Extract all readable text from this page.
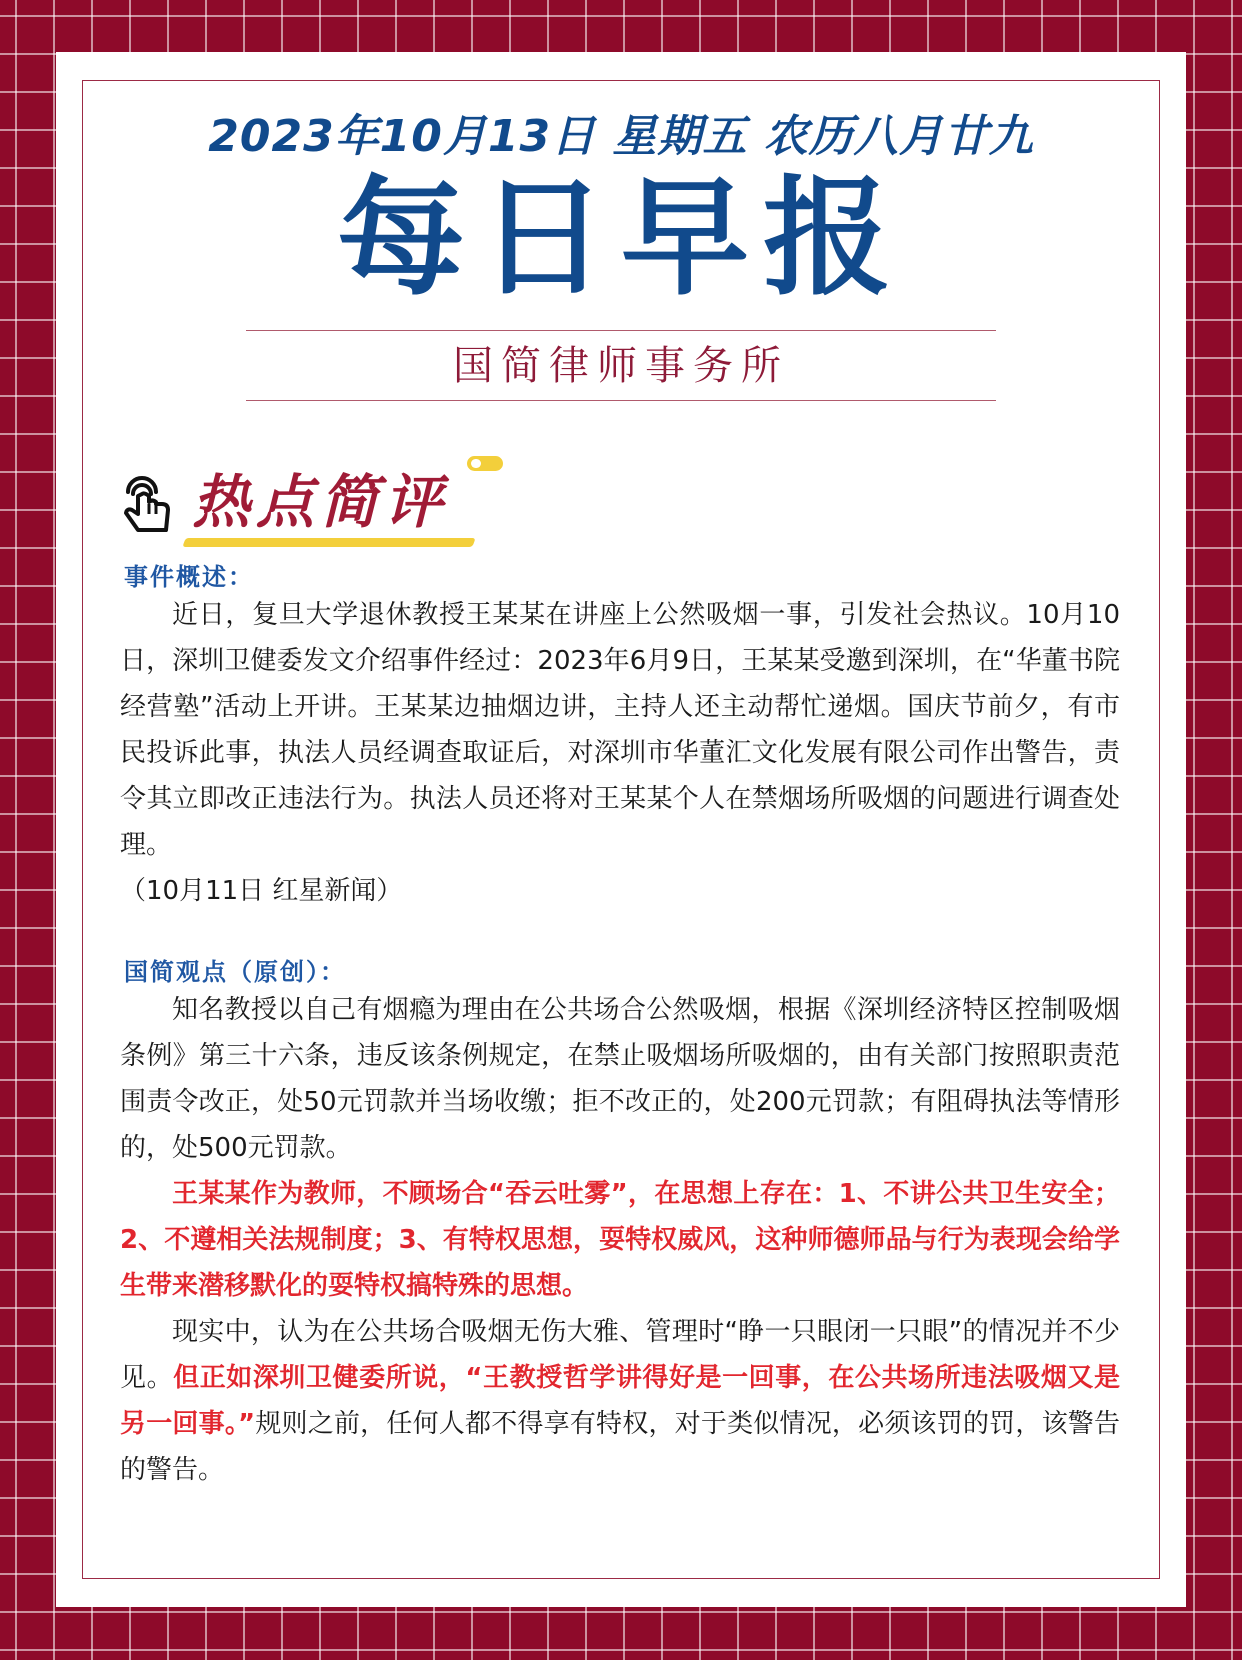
2023年10月13日 星期五 农历八月廿九
每日早报
国简律师事务所
热点简评
事件概述：

近日，复旦大学退休教授王某某在讲座上公然吸烟一事，引发社会热议。10月10日，深圳卫健委发文介绍事件经过：2023年6月9日，王某某受邀到深圳，在“华董书院经营塾”活动上开讲。王某某边抽烟边讲，主持人还主动帮忙递烟。国庆节前夕，有市民投诉此事，执法人员经调查取证后，对深圳市华董汇文化发展有限公司作出警告，责令其立即改正违法行为。执法人员还将对王某某个人在禁烟场所吸烟的问题进行调查处理。

（10月11日 红星新闻）

国简观点（原创）：

知名教授以自己有烟瘾为理由在公共场合公然吸烟，根据《深圳经济特区控制吸烟条例》第三十六条，违反该条例规定，在禁止吸烟场所吸烟的，由有关部门按照职责范围责令改正，处50元罚款并当场收缴；拒不改正的，处200元罚款；有阻碍执法等情形的，处500元罚款。

王某某作为教师，不顾场合“吞云吐雾”，在思想上存在：1、不讲公共卫生安全；2、不遵相关法规制度；3、有特权思想，耍特权威风，这种师德师品与行为表现会给学生带来潜移默化的耍特权搞特殊的思想。

现实中，认为在公共场合吸烟无伤大雅、管理时“睁一只眼闭一只眼”的情况并不少见。但正如深圳卫健委所说，“王教授哲学讲得好是一回事，在公共场所违法吸烟又是另一回事。”规则之前，任何人都不得享有特权，对于类似情况，必须该罚的罚，该警告的警告。
